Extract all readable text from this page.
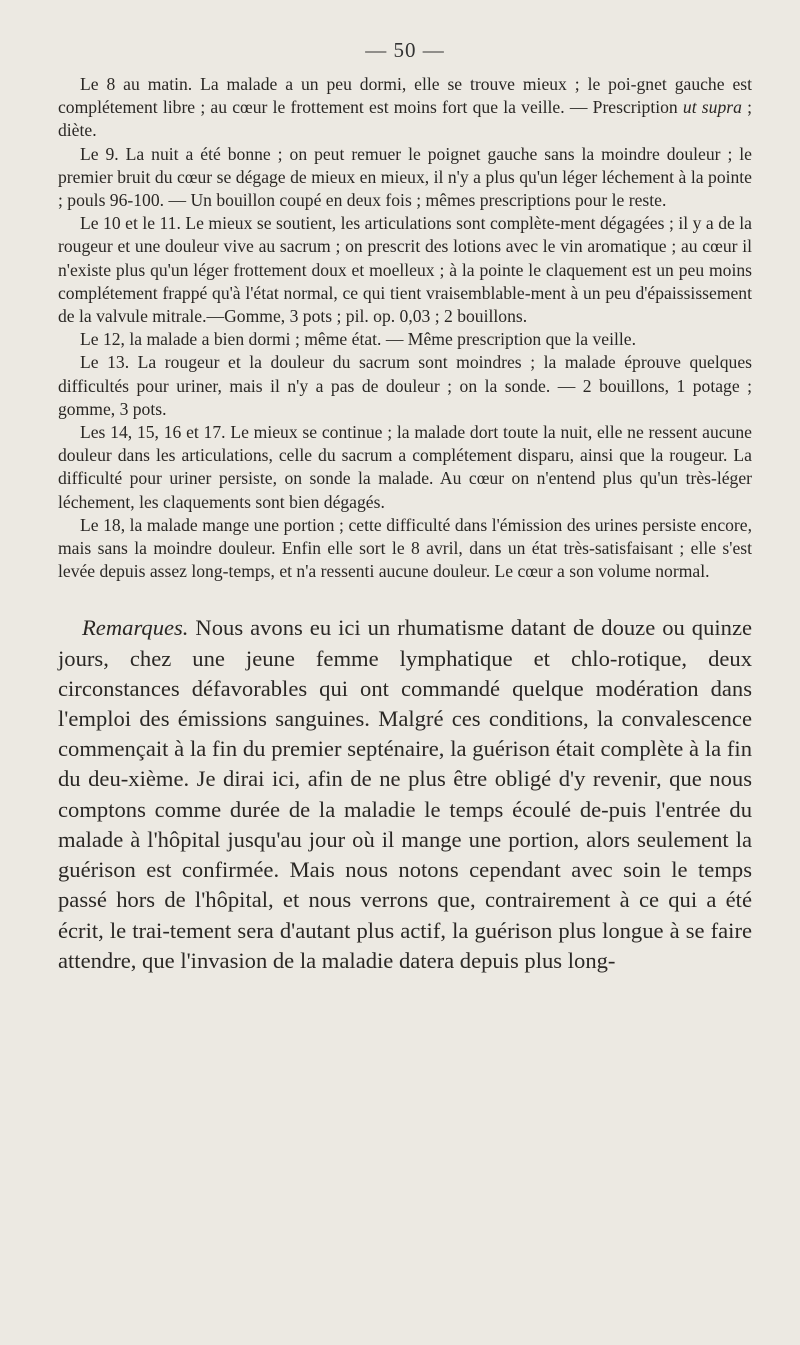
— 50 —

Le 8 au matin. La malade a un peu dormi, elle se trouve mieux ; le poi-gnet gauche est complétement libre ; au cœur le frottement est moins fort que la veille. — Prescription ut supra ; diète.

Le 9. La nuit a été bonne ; on peut remuer le poignet gauche sans la moindre douleur ; le premier bruit du cœur se dégage de mieux en mieux, il n'y a plus qu'un léger léchement à la pointe ; pouls 96-100. — Un bouillon coupé en deux fois ; mêmes prescriptions pour le reste.

Le 10 et le 11. Le mieux se soutient, les articulations sont complète-ment dégagées ; il y a de la rougeur et une douleur vive au sacrum ; on prescrit des lotions avec le vin aromatique ; au cœur il n'existe plus qu'un léger frottement doux et moelleux ; à la pointe le claquement est un peu moins complétement frappé qu'à l'état normal, ce qui tient vraisemblable-ment à un peu d'épaississement de la valvule mitrale.—Gomme, 3 pots ; pil. op. 0,03 ; 2 bouillons.

Le 12, la malade a bien dormi ; même état. — Même prescription que la veille.

Le 13. La rougeur et la douleur du sacrum sont moindres ; la malade éprouve quelques difficultés pour uriner, mais il n'y a pas de douleur ; on la sonde. — 2 bouillons, 1 potage ; gomme, 3 pots.

Les 14, 15, 16 et 17. Le mieux se continue ; la malade dort toute la nuit, elle ne ressent aucune douleur dans les articulations, celle du sacrum a complétement disparu, ainsi que la rougeur. La difficulté pour uriner persiste, on sonde la malade. Au cœur on n'entend plus qu'un très-léger léchement, les claquements sont bien dégagés.

Le 18, la malade mange une portion ; cette difficulté dans l'émission des urines persiste encore, mais sans la moindre douleur. Enfin elle sort le 8 avril, dans un état très-satisfaisant ; elle s'est levée depuis assez long-temps, et n'a ressenti aucune douleur. Le cœur a son volume normal.

Remarques. Nous avons eu ici un rhumatisme datant de douze ou quinze jours, chez une jeune femme lymphatique et chlo-rotique, deux circonstances défavorables qui ont commandé quelque modération dans l'emploi des émissions sanguines. Malgré ces conditions, la convalescence commençait à la fin du premier septénaire, la guérison était complète à la fin du deu-xième. Je dirai ici, afin de ne plus être obligé d'y revenir, que nous comptons comme durée de la maladie le temps écoulé de-puis l'entrée du malade à l'hôpital jusqu'au jour où il mange une portion, alors seulement la guérison est confirmée. Mais nous notons cependant avec soin le temps passé hors de l'hôpital, et nous verrons que, contrairement à ce qui a été écrit, le trai-tement sera d'autant plus actif, la guérison plus longue à se faire attendre, que l'invasion de la maladie datera depuis plus long-
